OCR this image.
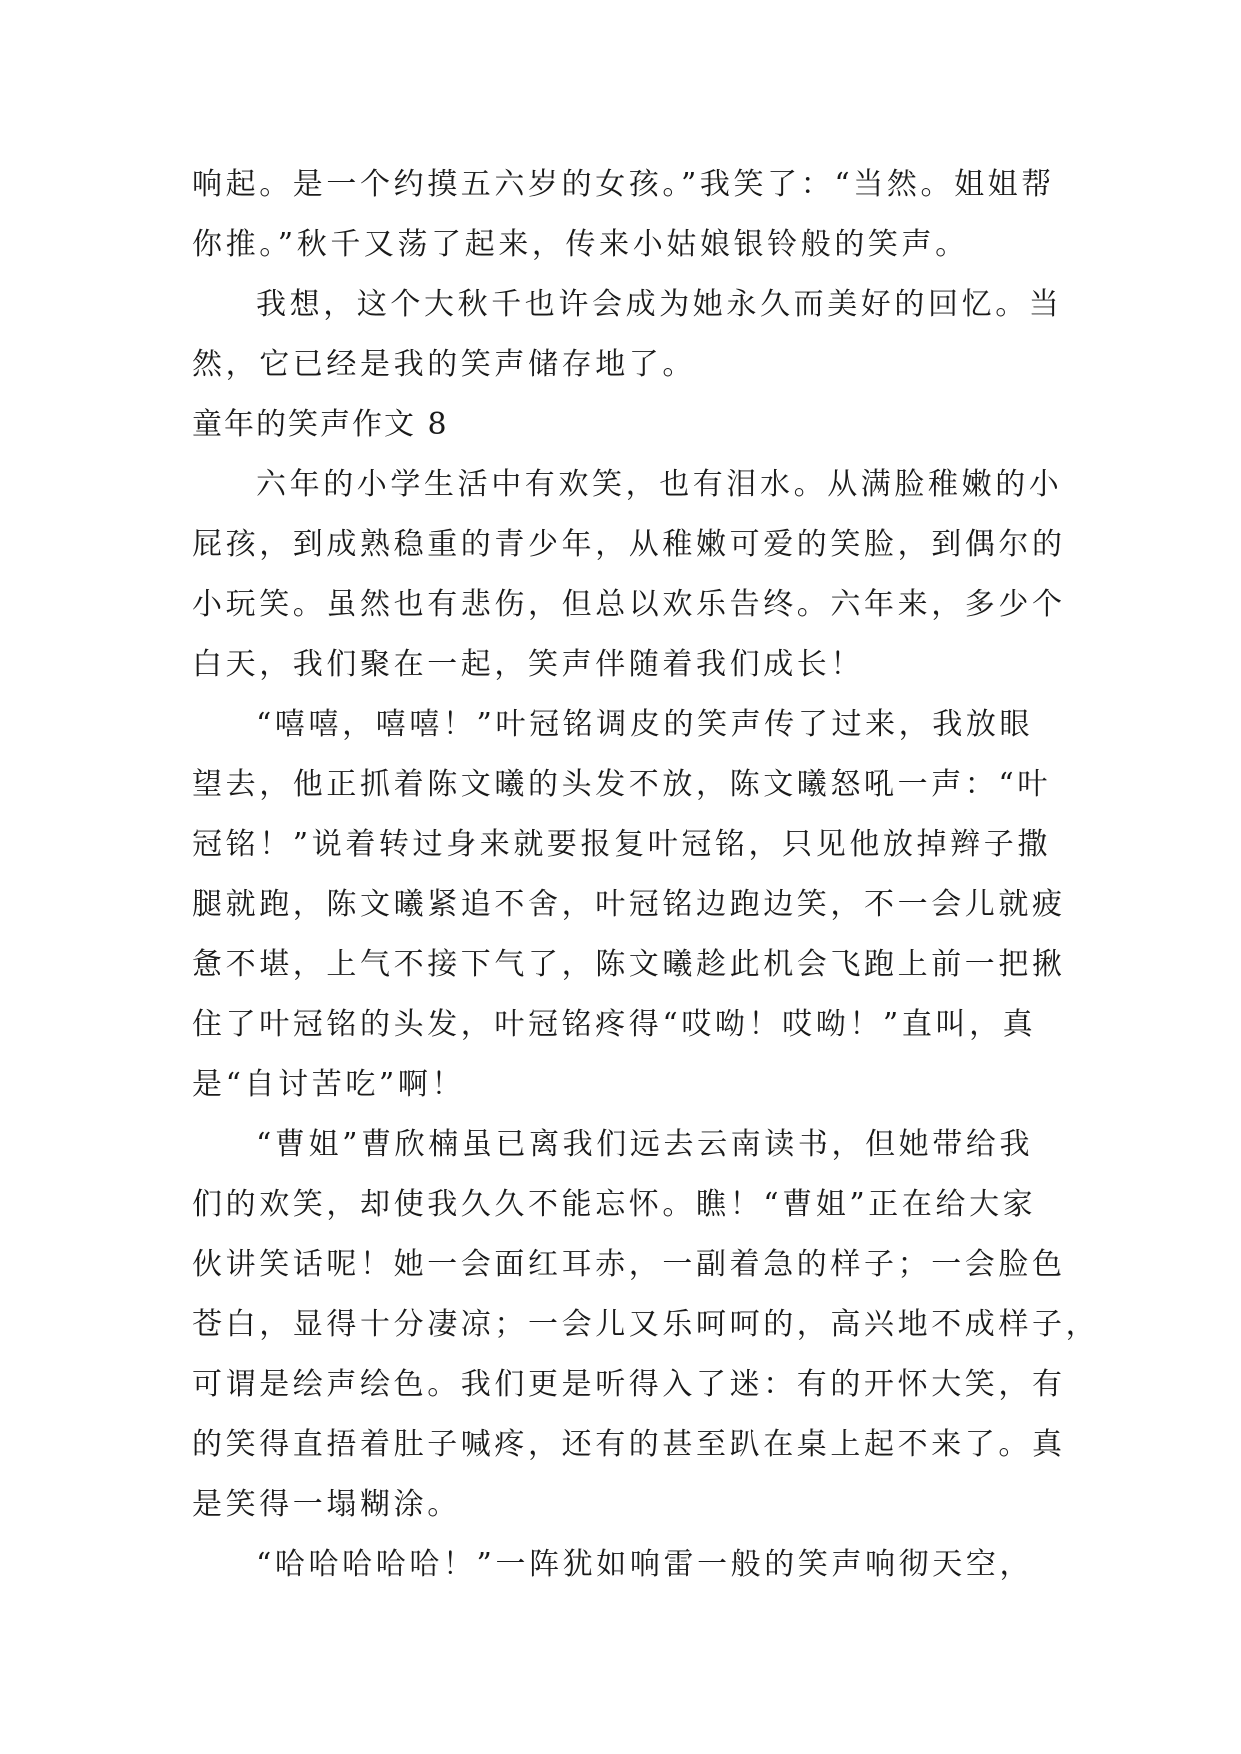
响起。是一个约摸五六岁的女孩。”我笑了：“当然。姐姐帮
你推。”秋千又荡了起来，传来小姑娘银铃般的笑声。
我想，这个大秋千也许会成为她永久而美好的回忆。当
然，它已经是我的笑声储存地了。
童年的笑声作文 8
六年的小学生活中有欢笑，也有泪水。从满脸稚嫩的小
屁孩，到成熟稳重的青少年，从稚嫩可爱的笑脸，到偶尔的
小玩笑。虽然也有悲伤，但总以欢乐告终。六年来，多少个
白天，我们聚在一起，笑声伴随着我们成长！
“嘻嘻，嘻嘻！”叶冠铭调皮的笑声传了过来，我放眼
望去，他正抓着陈文曦的头发不放，陈文曦怒吼一声：“叶
冠铭！”说着转过身来就要报复叶冠铭，只见他放掉辫子撒
腿就跑，陈文曦紧追不舍，叶冠铭边跑边笑，不一会儿就疲
惫不堪，上气不接下气了，陈文曦趁此机会飞跑上前一把揪
住了叶冠铭的头发，叶冠铭疼得“哎呦！哎呦！”直叫，真
是“自讨苦吃”啊！
“曹姐”曹欣楠虽已离我们远去云南读书，但她带给我
们的欢笑，却使我久久不能忘怀。瞧！“曹姐”正在给大家
伙讲笑话呢！她一会面红耳赤，一副着急的样子；一会脸色
苍白，显得十分凄凉；一会儿又乐呵呵的，高兴地不成样子，
可谓是绘声绘色。我们更是听得入了迷：有的开怀大笑，有
的笑得直捂着肚子喊疼，还有的甚至趴在桌上起不来了。真
是笑得一塌糊涂。
“哈哈哈哈哈！”一阵犹如响雷一般的笑声响彻天空，
